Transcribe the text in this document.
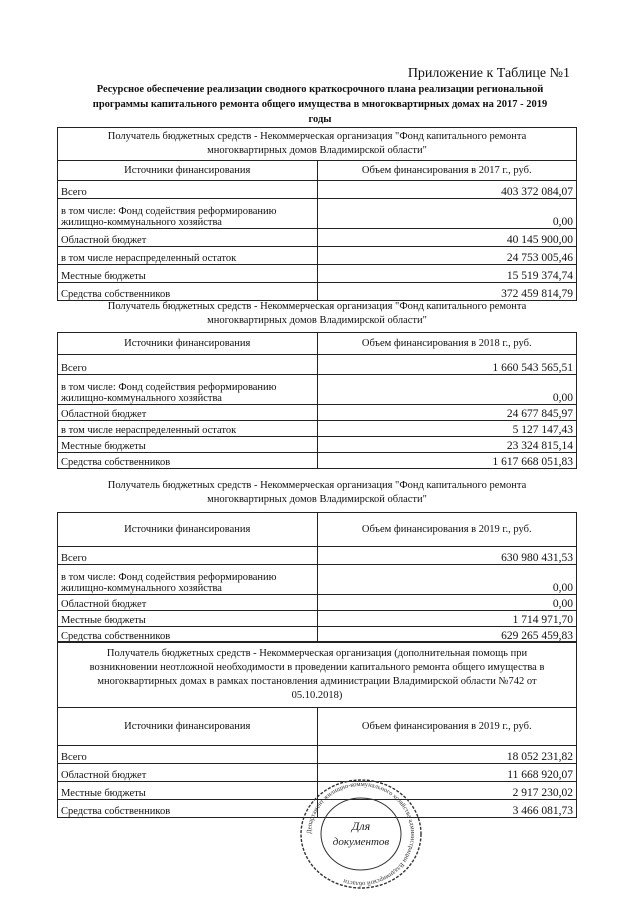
Приложение к Таблице №1
Ресурсное обеспечение реализации сводного краткосрочного плана реализации региональной
программы капитального ремонта общего имущества в многоквартирных домах на 2017 - 2019
годы
Получатель бюджетных средств - Некоммерческая организация "Фонд капитального ремонта
многоквартирных домов Владимирской области"	

Источники финансирования	Объем финансирования в 2017 г., руб.
Всего	403 372 084,07

в том числе: Фонд содействия реформированию
жилищно-коммунального хозяйства	0,00
Областной бюджет	40 145 900,00
в том числе нераспределенный остаток	24 753 005,46
Местные бюджеты	15 519 374,74
Средства собственников	372 459 814,79
Получатель бюджетных средств - Некоммерческая организация "Фонд капитального ремонта
многоквартирных домов Владимирской области"	

Источники финансирования	Объем финансирования в 2018 г., руб.
Всего	1 660 543 565,51

в том числе: Фонд содействия реформированию
жилищно-коммунального хозяйства	0,00
Областной бюджет	24 677 845,97
в том числе нераспределенный остаток	5 127 147,43
Местные бюджеты	23 324 815,14
Средства собственников	1 617 668 051,83
Получатель бюджетных средств - Некоммерческая организация "Фонд капитального ремонта
многоквартирных домов Владимирской области"	

Источники финансирования	Объем финансирования в 2019 г., руб.
Всего	630 980 431,53

в том числе: Фонд содействия реформированию
жилищно-коммунального хозяйства	0,00
Областной бюджет	0,00
Местные бюджеты	1 714 971,70
Средства собственников	629 265 459,83
Получатель бюджетных средств - Некоммерческая организация (дополнительная помощь при
возникновении неотложной необходимости в проведении капитального ремонта общего имущества в
многоквартирных домах в рамках постановления администрации Владимирской области №742 от
05.10.2018)	

Источники финансирования	Объем финансирования в 2019 г., руб.
Всего	18 052 231,82
Областной бюджет	11 668 920,07
Местные бюджеты	2 917 230,02
Средства собственников	3 466 081,73
Департамент жилищно-коммунального хозяйства администрации Владимирской области
Для
документов
